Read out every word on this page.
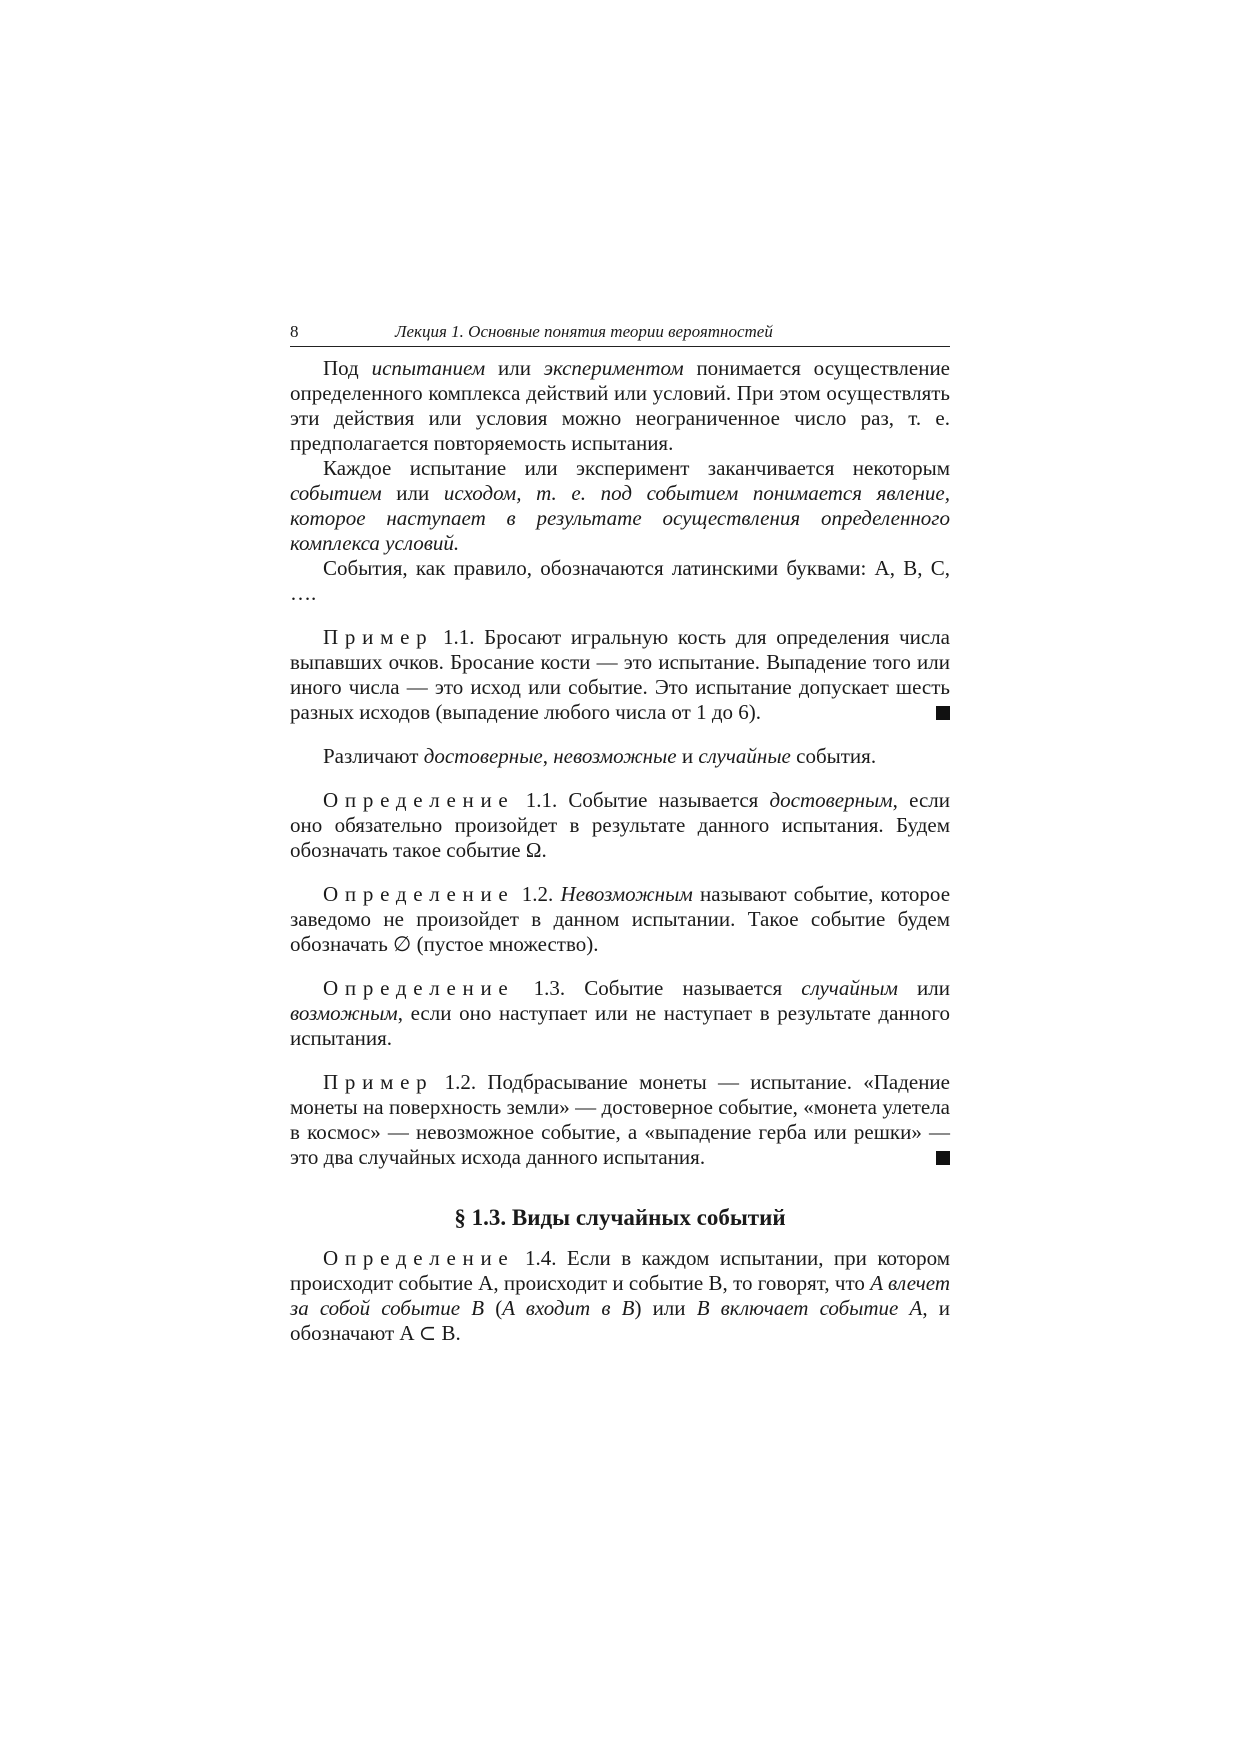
8	Лекция 1. Основные понятия теории вероятностей

Под испытанием или экспериментом понимается осуществление определенного комплекса действий или условий. При этом осуществлять эти действия или условия можно неограниченное число раз, т. е. предполагается повторяемость испытания.

Каждое испытание или эксперимент заканчивается некоторым событием или исходом, т. е. под событием понимается явление, которое наступает в результате осуществления определенного комплекса условий.

События, как правило, обозначаются латинскими буквами: A, B, C, ….

Пример 1.1. Бросают игральную кость для определения числа выпавших очков. Бросание кости — это испытание. Выпадение того или иного числа — это исход или событие. Это испытание допускает шесть разных исходов (выпадение любого числа от 1 до 6).

Различают достоверные, невозможные и случайные события.

Определение 1.1. Событие называется достоверным, если оно обязательно произойдет в результате данного испытания. Будем обозначать такое событие Ω.

Определение 1.2. Невозможным называют событие, которое заведомо не произойдет в данном испытании. Такое событие будем обозначать ∅ (пустое множество).

Определение 1.3. Событие называется случайным или возможным, если оно наступает или не наступает в результате данного испытания.

Пример 1.2. Подбрасывание монеты — испытание. «Падение монеты на поверхность земли» — достоверное событие, «монета улетела в космос» — невозможное событие, а «выпадение герба или решки» — это два случайных исхода данного испытания.

§ 1.3. Виды случайных событий

Определение 1.4. Если в каждом испытании, при котором происходит событие A, происходит и событие B, то говорят, что A влечет за собой событие B (A входит в B) или B включает событие A, и обозначают A ⊂ B.
